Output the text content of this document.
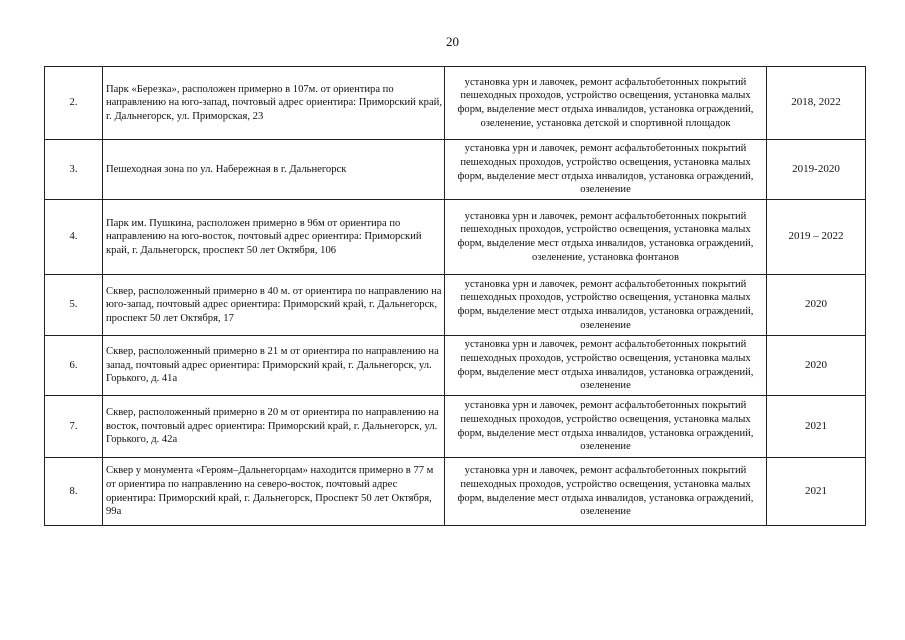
20
2.	Парк «Березка», расположен примерно в 107м. от ориентира по направлению на юго-запад, почтовый адрес ориентира: Приморский край, г. Дальнегорск, ул. Приморская, 23	установка урн и лавочек, ремонт асфальтобетонных покрытий пешеходных проходов, устройство освещения, установка малых форм, выделение мест отдыха инвалидов, установка ограждений, озеленение, установка детской и спортивной площадок	2018, 2022
3.	Пешеходная зона по ул. Набережная в г. Дальнегорск	установка урн и лавочек, ремонт асфальтобетонных покрытий пешеходных проходов, устройство освещения, установка малых форм, выделение мест отдыха инвалидов, установка ограждений, озеленение	2019-2020
4.	Парк им. Пушкина, расположен примерно в 96м от ориентира по направлению на юго-восток, почтовый адрес ориентира: Приморский край, г. Дальнегорск, проспект 50 лет Октября, 106	установка урн и лавочек, ремонт асфальтобетонных покрытий пешеходных проходов, устройство освещения, установка малых форм, выделение мест отдыха инвалидов, установка ограждений, озеленение, установка фонтанов	2019 – 2022
5.	Сквер, расположенный примерно в 40 м. от ориентира по направлению на юго-запад, почтовый адрес ориентира: Приморский край, г. Дальнегорск, проспект 50 лет Октября, 17	установка урн и лавочек, ремонт асфальтобетонных покрытий пешеходных проходов, устройство освещения, установка малых форм, выделение мест отдыха инвалидов, установка ограждений, озеленение	2020
6.	Сквер, расположенный примерно в 21 м от ориентира по направлению на запад, почтовый адрес ориентира: Приморский край, г. Дальнегорск, ул. Горького, д. 41а	установка урн и лавочек, ремонт асфальтобетонных покрытий пешеходных проходов, устройство освещения, установка малых форм, выделение мест отдыха инвалидов, установка ограждений, озеленение	2020
7.	Сквер, расположенный примерно в 20 м от ориентира по направлению на восток, почтовый адрес ориентира: Приморский край, г. Дальнегорск, ул. Горького, д. 42а	установка урн и лавочек, ремонт асфальтобетонных покрытий пешеходных проходов, устройство освещения, установка малых форм, выделение мест отдыха инвалидов, установка ограждений, озеленение	2021
8.	Сквер у монумента «Героям–Дальнегорцам» находится примерно в 77 м от ориентира по направлению на северо-восток, почтовый адрес ориентира: Приморский край, г. Дальнегорск, Проспект 50 лет Октября, 99а	установка урн и лавочек, ремонт асфальтобетонных покрытий пешеходных проходов, устройство освещения, установка малых форм, выделение мест отдыха инвалидов, установка ограждений, озеленение	2021
